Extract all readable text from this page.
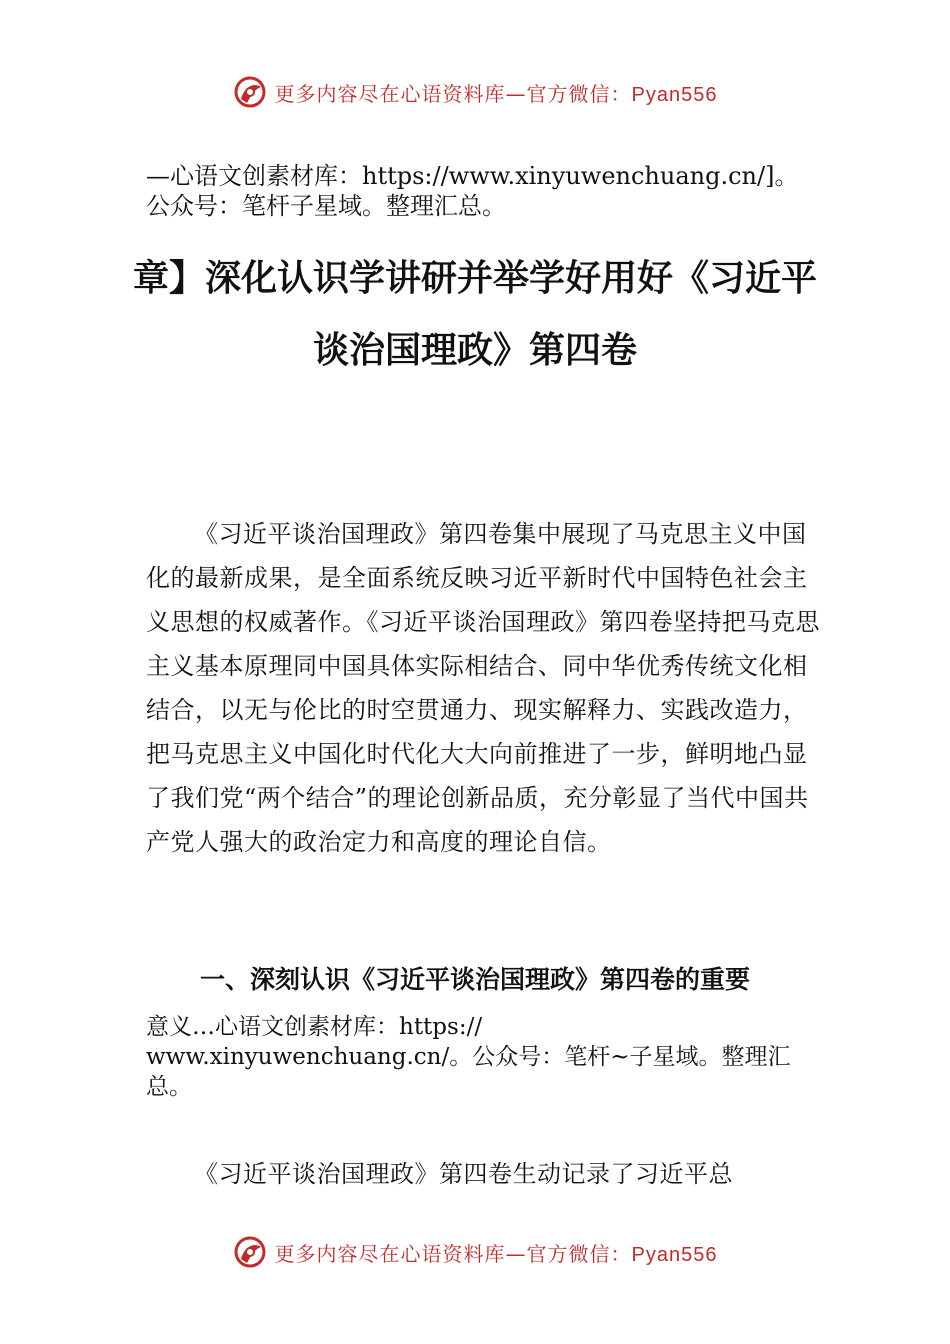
更多内容尽在心语资料库—官方微信：Pyan556
—心语文创素材库：https://www.xinyuwenchuang.cn/]。
公众号：笔杆子星域。整理汇总。
章】深化认识学讲研并举学好用好《习近平
谈治国理政》第四卷

《习近平谈治国理政》第四卷集中展现了马克思主义中国化的最新成果，是全面系统反映习近平新时代中国特色社会主义思想的权威著作。《习近平谈治国理政》第四卷坚持把马克思主义基本原理同中国具体实际相结合、同中华优秀传统文化相结合，以无与伦比的时空贯通力、现实解释力、实践改造力，把马克思主义中国化时代化大大向前推进了一步，鲜明地凸显了我们党“两个结合”的理论创新品质，充分彰显了当代中国共产党人强大的政治定力和高度的理论自信。

一、深刻认识《习近平谈治国理政》第四卷的重要
意义…心语文创素材库：https://
www.xinyuwenchuang.cn/。公众号：笔杆~子星域。整理汇
总。

《习近平谈治国理政》第四卷生动记录了习近平总

更多内容尽在心语资料库—官方微信：Pyan556
